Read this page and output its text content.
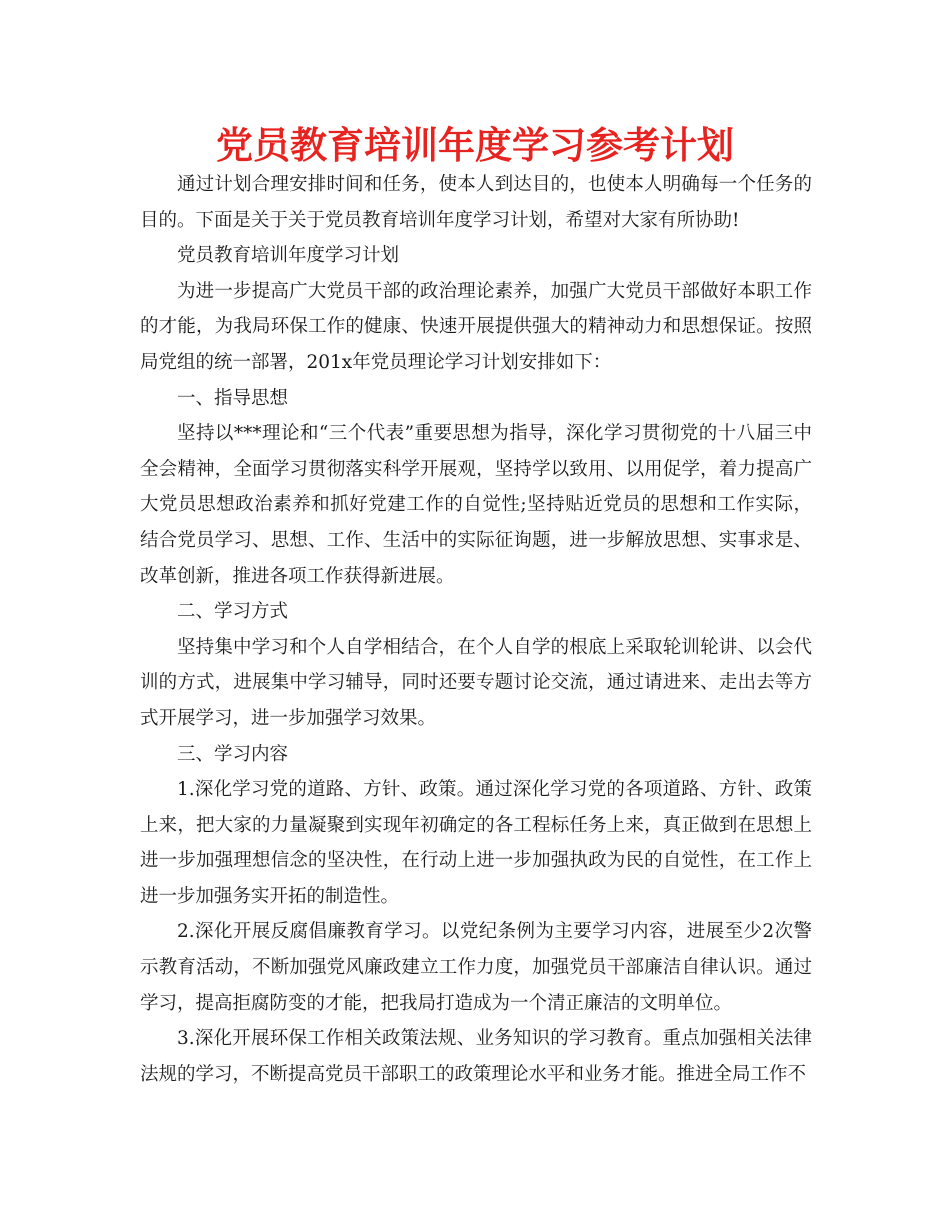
党员教育培训年度学习参考计划

通过计划合理安排时间和任务，使本人到达目的，也使本人明确每一个任务的目的。下面是关于关于党员教育培训年度学习计划，希望对大家有所协助!

党员教育培训年度学习计划

为进一步提高广大党员干部的政治理论素养，加强广大党员干部做好本职工作的才能，为我局环保工作的健康、快速开展提供强大的精神动力和思想保证。按照局党组的统一部署，201x年党员理论学习计划安排如下：

一、指导思想

坚持以***理论和“三个代表”重要思想为指导，深化学习贯彻党的十八届三中全会精神，全面学习贯彻落实科学开展观，坚持学以致用、以用促学，着力提高广大党员思想政治素养和抓好党建工作的自觉性;坚持贴近党员的思想和工作实际，结合党员学习、思想、工作、生活中的实际征询题，进一步解放思想、实事求是、改革创新，推进各项工作获得新进展。

二、学习方式

坚持集中学习和个人自学相结合，在个人自学的根底上采取轮训轮讲、以会代训的方式，进展集中学习辅导，同时还要专题讨论交流，通过请进来、走出去等方式开展学习，进一步加强学习效果。

三、学习内容

1.深化学习党的道路、方针、政策。通过深化学习党的各项道路、方针、政策上来，把大家的力量凝聚到实现年初确定的各工程标任务上来，真正做到在思想上进一步加强理想信念的坚决性，在行动上进一步加强执政为民的自觉性，在工作上进一步加强务实开拓的制造性。

2.深化开展反腐倡廉教育学习。以党纪条例为主要学习内容，进展至少2次警示教育活动，不断加强党风廉政建立工作力度，加强党员干部廉洁自律认识。通过学习，提高拒腐防变的才能，把我局打造成为一个清正廉洁的文明单位。

3.深化开展环保工作相关政策法规、业务知识的学习教育。重点加强相关法律法规的学习，不断提高党员干部职工的政策理论水平和业务才能。推进全局工作不
